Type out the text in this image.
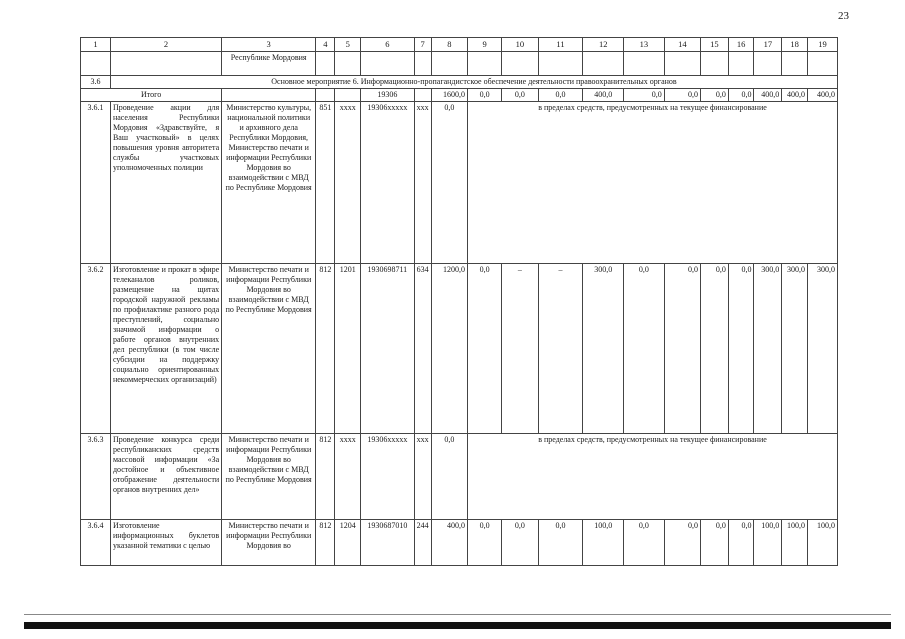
23
1	2	3	4	5	6	7	8	9	10	11	12	13	14	15	16	17	18	19
		Республике Мордовия																
3.6	Основное мероприятие 6. Информационно-пропагандистское обеспечение деятельности правоохранительных органов																	
Итого					19306		1600,0	0,0	0,0	0,0	400,0	0,0	0,0	0,0	0,0	400,0	400,0	400,0
3.6.1	Проведение акции для населения Республики Мордовия «Здравствуйте, я Ваш участковый» в целях повышения уровня авторитета службы участковых уполномоченных полиции	Министерство культуры, национальной политики и архивного дела Республики Мордовия, Министерство печати и информации Республики Мордовия во взаимодействии с МВД по Республике Мордовия	851	xxxx	19306xxxxx	xxx	0,0	в пределах средств, предусмотренных на текущее финансирование										
3.6.2	Изготовление и прокат в эфире телеканалов роликов, размещение на щитах городской наружной рекламы по профилактике разного рода преступлений, социально значимой информации о работе органов внутренних дел республики (в том числе субсидии на поддержку социально ориентированных некоммерческих организаций)	Министерство печати и информации Республики Мордовия во взаимодействии с МВД по Республике Мордовия	812	1201	1930698711	634	1200,0	0,0	–	–	300,0	0,0	0,0	0,0	0,0	300,0	300,0	300,0
3.6.3	Проведение конкурса среди республиканских средств массовой информации «За достойное и объективное отображение деятельности органов внутренних дел»	Министерство печати и информации Республики Мордовия во взаимодействии с МВД по Республике Мордовия	812	xxxx	19306xxxxx	xxx	0,0	в пределах средств, предусмотренных на текущее финансирование										
3.6.4	Изготовление информационных буклетов указанной тематики с целью	Министерство печати и информации Республики Мордовия во	812	1204	1930687010	244	400,0	0,0	0,0	0,0	100,0	0,0	0,0	0,0	0,0	100,0	100,0	100,0
